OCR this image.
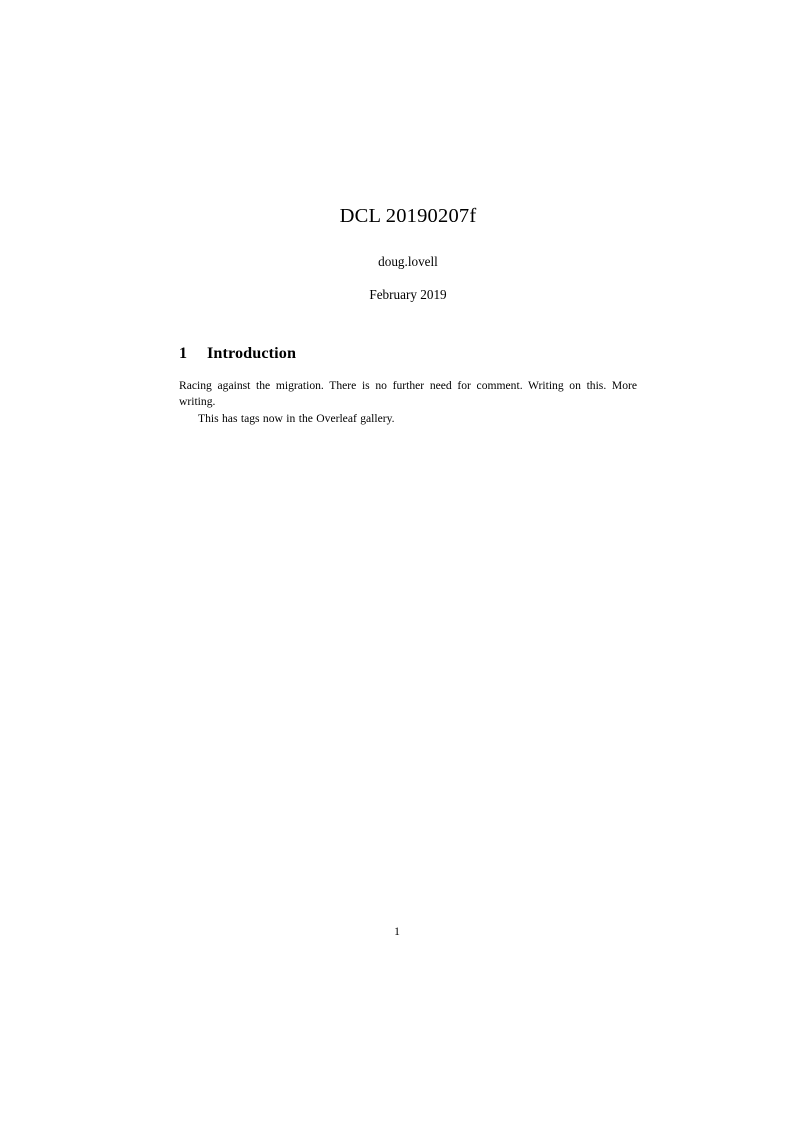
DCL 20190207f

doug.lovell

February 2019

1 Introduction

Racing against the migration. There is no further need for comment. Writing on this. More writing.

This has tags now in the Overleaf gallery.

1
